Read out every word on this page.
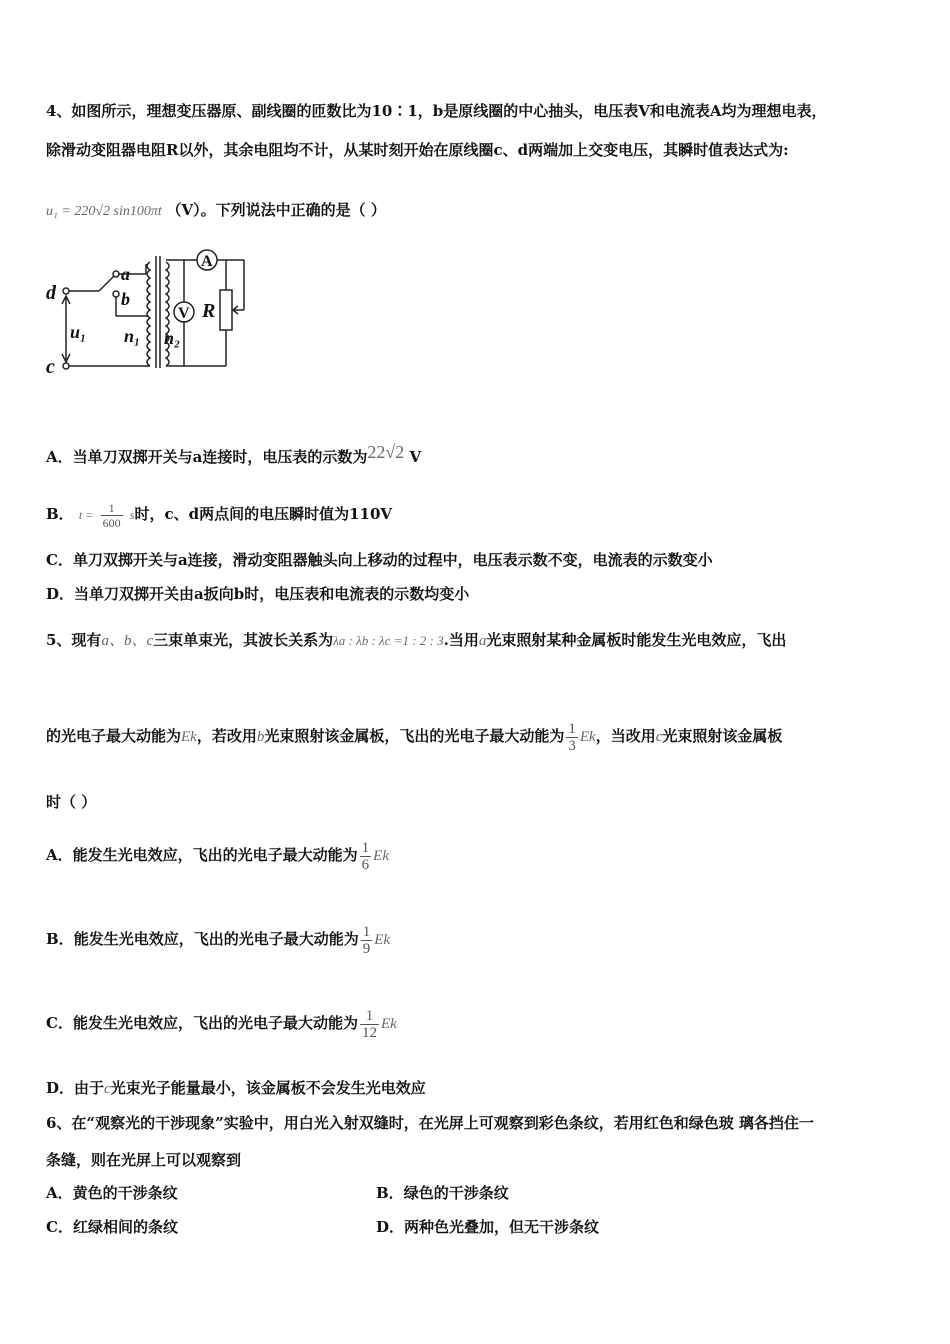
4、如图所示，理想变压器原、副线圈的匝数比为10∶1，b是原线圈的中心抽头，电压表V和电流表A均为理想电表，
除滑动变阻器电阻R以外，其余电阻均不计，从某时刻开始在原线圈c、d两端加上交变电压，其瞬时值表达式为:
u₁ = 220√2 sin100πt （V）。下列说法中正确的是（ ）
d
c
a
b
u₁ n₁ n₂
R
A
V
A．当单刀双掷开关与a连接时，电压表的示数为22√2 V
B． $t = \frac{1}{600}$ s时，c、d两点间的电压瞬时值为110V
C．单刀双掷开关与a连接，滑动变阻器触头向上移动的过程中，电压表示数不变，电流表的示数变小
D．当单刀双掷开关由a扳向b时，电压表和电流表的示数均变小
5、现有a、b、c三束单束光，其波长关系为λa : λb : λc =1 : 2 : 3.当用a光束照射某种金属板时能发生光电效应，飞出
的光电子最大动能为Ek，若改用b光束照射该金属板，飞出的光电子最大动能为 $\frac{1}{3}$ Ek，当改用c光束照射该金属板
时（ ）
A．能发生光电效应，飞出的光电子最大动能为 $\frac{1}{6}$ Ek
B．能发生光电效应，飞出的光电子最大动能为 $\frac{1}{9}$ Ek
C．能发生光电效应，飞出的光电子最大动能为 $\frac{1}{12}$ Ek
D．由于c光束光子能量最小，该金属板不会发生光电效应
6、在“观察光的干涉现象”实验中，用白光入射双缝时，在光屏上可观察到彩色条纹，若用红色和绿色玻 璃各挡住一
条缝，则在光屏上可以观察到
A．黄色的干涉条纹	B．绿色的干涉条纹
C．红绿相间的条纹	D．两种色光叠加，但无干涉条纹
